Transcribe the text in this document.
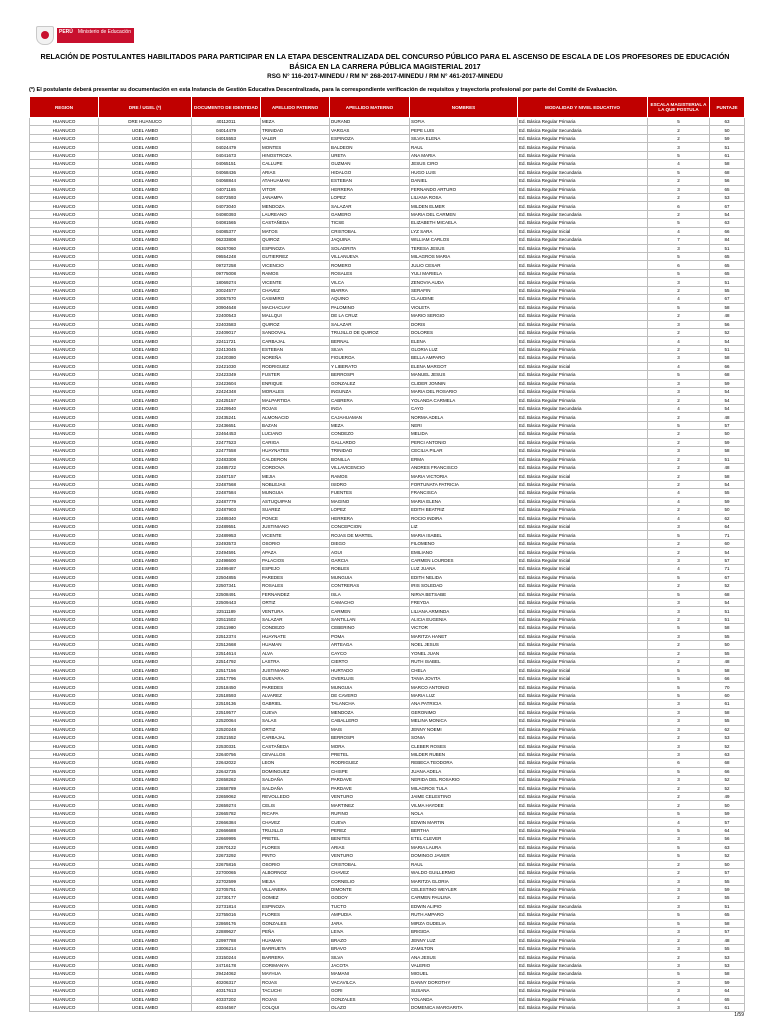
PERÚ	Ministerio de Educación
RELACIÓN DE POSTULANTES HABILITADOS PARA PARTICIPAR EN LA ETAPA DESCENTRALIZADA DEL CONCURSO PÚBLICO PARA EL ASCENSO DE ESCALA DE LOS PROFESORES DE EDUCACIÓN BÁSICA EN LA CARRERA PÚBLICA MAGISTERIAL 2017
RSG N° 116-2017-MINEDU / RM N° 268-2017-MINEDU / RM N° 461-2017-MINEDU
(*) El postulante deberá presentar su documentación en esta Instancia de Gestión Educativa Descentralizada, para la correspondiente verificación de requisitos y trayectoria profesional por parte del Comité de Evaluación.
REGION	DRE / UGEL (*)	DOCUMENTO DE IDENTIDAD	APELLIDO PATERNO	APELLIDO MATERNO	NOMBRES	MODALIDAD Y NIVEL EDUCATIVO	ESCALA MAGISTERIAL A LA QUE POSTULA	PUNTAJE
HUANUCO	DRE HUANUCO	40112011	MEZA	DURAND	SOFIA	Ed. Básica Regular Primaria	5	63
HUANUCO	UGEL AMBO	04014479	TRINIDAD	VARGAS	PEPE LUIS	Ed. Básica Regular Secundaria	2	50
HUANUCO	UGEL AMBO	04015553	VALER	ESPINOZA	SILVIA ELENA	Ed. Básica Regular Primaria	2	59
HUANUCO	UGEL AMBO	04024479	MONTES	BALDEON	RAUL	Ed. Básica Regular Primaria	3	51
HUANUCO	UGEL AMBO	04041673	HINOSTROZA	URETA	ANA MARIA	Ed. Básica Regular Primaria	5	61
HUANUCO	UGEL AMBO	04065151	CALLUPE	GUZMAN	JESUS CIRO	Ed. Básica Regular Primaria	4	58
HUANUCO	UGEL AMBO	04068436	ARIAS	HIDALGO	HUGO LUIS	Ed. Básica Regular Secundaria	5	68
HUANUCO	UGEL AMBO	04068844	ATAHUAMAN	ESTEBAN	DANIEL	Ed. Básica Regular Primaria	2	56
HUANUCO	UGEL AMBO	04071165	VITOR	HERRERA	FERNANDO ARTURO	Ed. Básica Regular Primaria	3	65
HUANUCO	UGEL AMBO	04072593	JANAMPA	LOPEZ	LILIANA ROSA	Ed. Básica Regular Primaria	2	53
HUANUCO	UGEL AMBO	04073040	MENDOZA	SALAZAR	MILDEN ELMER	Ed. Básica Regular Primaria	6	67
HUANUCO	UGEL AMBO	04080393	LAUREANO	GAMERO	MARIA DEL CARMEN	Ed. Básica Regular Secundaria	2	54
HUANUCO	UGEL AMBO	04081565	CASTAÑEDA	TICSE	ELIZABETH MICAELA	Ed. Básica Regular Primaria	5	63
HUANUCO	UGEL AMBO	04085377	MATOS	CRISTOBAL	LYZ SARA	Ed. Básica Regular Inicial	4	66
HUANUCO	UGEL AMBO	06233808	QUIROZ	JAQUINA	WILLIAM CARLOS	Ed. Básica Regular Secundaria	7	84
HUANUCO	UGEL AMBO	06267060	ESPINOZA	SOLADRITA	TERESA JESUS	Ed. Básica Regular Primaria	3	51
HUANUCO	UGEL AMBO	09554248	GUTIERREZ	VILLANUEVA	MILAGROS MARIA	Ed. Básica Regular Primaria	5	65
HUANUCO	UGEL AMBO	09727258	VICENCIO	ROMERO	JULIO CESAR	Ed. Básica Regular Primaria	6	65
HUANUCO	UGEL AMBO	09775008	RAMOS	ROSALES	YULI MARIELA	Ed. Básica Regular Primaria	5	65
HUANUCO	UGEL AMBO	18069274	VICENTE	VILCA	ZENOVIA AUDA	Ed. Básica Regular Primaria	3	51
HUANUCO	UGEL AMBO	20024577	CHAVEZ	IBARRA	SERAFIN	Ed. Básica Regular Primaria	2	55
HUANUCO	UGEL AMBO	20057570	CASIMIRO	AQUINO	CLAUDINE	Ed. Básica Regular Primaria	4	67
HUANUCO	UGEL AMBO	20904648	MACHACUAY	PALOMINO	VIOLETA	Ed. Básica Regular Primaria	5	58
HUANUCO	UGEL AMBO	22400543	MALLQUI	DE LA CRUZ	MARIO SERGIO	Ed. Básica Regular Primaria	2	48
HUANUCO	UGEL AMBO	22403583	QUIROZ	SALAZAR	DORIS	Ed. Básica Regular Primaria	3	56
HUANUCO	UGEL AMBO	22409017	SANDOVAL	TRUJILLO DE QUIROZ	DOLORES	Ed. Básica Regular Primaria	2	52
HUANUCO	UGEL AMBO	22411721	CARBAJAL	BERNAL	ELENA	Ed. Básica Regular Primaria	4	54
HUANUCO	UGEL AMBO	22413045	ESTEBAN	SILVA	GLORIA LUZ	Ed. Básica Regular Primaria	2	51
HUANUCO	UGEL AMBO	22420380	NOREÑA	FIGUEROA	BELLA AMPARO	Ed. Básica Regular Primaria	3	58
HUANUCO	UGEL AMBO	22421030	RODRIGUEZ	Y LIBERATO	ELENA MARGOT	Ed. Básica Regular Inicial	4	66
HUANUCO	UGEL AMBO	22423349	FUSTER	BERROSPI	MANUEL JESUS	Ed. Básica Regular Primaria	5	68
HUANUCO	UGEL AMBO	22423604	ENRIQUE	GONZALEZ	CLIDER JONNIN	Ed. Básica Regular Primaria	3	59
HUANUCO	UGEL AMBO	22424348	MORALES	INGUNZA	MARIA DEL ROSARIO	Ed. Básica Regular Primaria	3	54
HUANUCO	UGEL AMBO	22425157	MALPARTIDA	CABRERA	YOLANDA CARMELA	Ed. Básica Regular Primaria	2	54
HUANUCO	UGEL AMBO	22429540	ROJAS	INGA	CAYO	Ed. Básica Regular Secundaria	4	54
HUANUCO	UGEL AMBO	22435241	ALMONACID	CAJAHUAMAN	NORMA ADELA	Ed. Básica Regular Primaria	2	48
HUANUCO	UGEL AMBO	22436651	BAZAN	MEZA	NERI	Ed. Básica Regular Primaria	5	57
HUANUCO	UGEL AMBO	22464453	LUCIANO	CONDEZO	MELIDA	Ed. Básica Regular Primaria	2	50
HUANUCO	UGEL AMBO	22477523	CARIGA	GALLARDO	PERCI ANTONIO	Ed. Básica Regular Primaria	2	59
HUANUCO	UGEL AMBO	22477558	HUAYNATES	TRINIDAD	CECILIA PILAR	Ed. Básica Regular Primaria	3	58
HUANUCO	UGEL AMBO	22483308	CALDERON	BONILLA	ERMA	Ed. Básica Regular Primaria	2	51
HUANUCO	UGEL AMBO	22485722	CORDOVA	VILLAVICENCIO	ANDRES FRANCISCO	Ed. Básica Regular Primaria	2	48
HUANUCO	UGEL AMBO	22487157	MEJIA	RAMOS	MARIA VICTORIA	Ed. Básica Regular Inicial	2	58
HUANUCO	UGEL AMBO	22487568	NOBLEJAS	ISIDRO	FORTUNATA PATRICIA	Ed. Básica Regular Primaria	2	54
HUANUCO	UGEL AMBO	22487584	MUNGUIA	FUENTES	FRANCISCA	Ed. Básica Regular Primaria	4	55
HUANUCO	UGEL AMBO	22487779	ASTUQUIPAN	MAGINO	MARIA ELENA	Ed. Básica Regular Primaria	4	59
HUANUCO	UGEL AMBO	22487903	SUAREZ	LOPEZ	EDITH BEATRIZ	Ed. Básica Regular Primaria	2	50
HUANUCO	UGEL AMBO	22489340	PONCE	HERRERA	ROCIO INDIRA	Ed. Básica Regular Primaria	4	62
HUANUCO	UGEL AMBO	22489551	JUSTINIANO	CONCEPCION	LIZ	Ed. Básica Regular Inicial	3	64
HUANUCO	UGEL AMBO	22489953	VICENTE	ROJAS DE MARTEL	MARIA ISABEL	Ed. Básica Regular Primaria	5	71
HUANUCO	UGEL AMBO	22493573	OSORIO	DIEGO	FILOMENO	Ed. Básica Regular Primaria	2	60
HUANUCO	UGEL AMBO	22494591	APAZA	AGUI	EMILIANO	Ed. Básica Regular Primaria	2	54
HUANUCO	UGEL AMBO	22498600	PALACIOS	GARCIA	CARMEN LOURDES	Ed. Básica Regular Inicial	3	57
HUANUCO	UGEL AMBO	22499487	ESPEJO	ROBLES	LUZ JUANA	Ed. Básica Regular Inicial	4	71
HUANUCO	UGEL AMBO	22504855	PAREDES	MUNGUIA	EDITH NELIDA	Ed. Básica Regular Primaria	5	67
HUANUCO	UGEL AMBO	22507341	ROSALES	CONTRERAS	IRIS SOLEDAD	Ed. Básica Regular Primaria	2	52
HUANUCO	UGEL AMBO	22508491	FERNANDEZ	ISLA	NIRVA BETSABE	Ed. Básica Regular Primaria	5	68
HUANUCO	UGEL AMBO	22509443	ORTIZ	CAMACHO	FREYDA	Ed. Básica Regular Primaria	3	54
HUANUCO	UGEL AMBO	22511189	VENTURA	CARMEN	LILIANA ARMINDA	Ed. Básica Regular Primaria	3	51
HUANUCO	UGEL AMBO	22511502	SALAZAR	SANTILLAN	ALICIA EUGENIA	Ed. Básica Regular Primaria	2	51
HUANUCO	UGEL AMBO	22511980	CONDEZO	CEBERINO	VICTOR	Ed. Básica Regular Primaria	5	58
HUANUCO	UGEL AMBO	22512374	HUAYNATE	POMA	MARITZA HANET	Ed. Básica Regular Primaria	3	55
HUANUCO	UGEL AMBO	22512668	HUAMAN	ARTEAGA	NOEL JESUS	Ed. Básica Regular Primaria	2	50
HUANUCO	UGEL AMBO	22514614	ALVA	CAYCO	YONEL JUAN	Ed. Básica Regular Primaria	2	55
HUANUCO	UGEL AMBO	22514792	LASTRA	CIERTO	RUTH ISABEL	Ed. Básica Regular Primaria	2	48
HUANUCO	UGEL AMBO	22517156	JUSTINIANO	HURTADO	CHELA	Ed. Básica Regular Inicial	5	58
HUANUCO	UGEL AMBO	22517796	GUEVARA	OVERLUIS	TANIA JOVITA	Ed. Básica Regular Inicial	5	66
HUANUCO	UGEL AMBO	22518450	PAREDES	MUNGUIA	MARCO ANTONIO	Ed. Básica Regular Primaria	5	70
HUANUCO	UGEL AMBO	22518593	ALVAREZ	DE CAVERO	MARIA LUZ	Ed. Básica Regular Primaria	5	60
HUANUCO	UGEL AMBO	22519136	GABRIEL	TALANCHA	ANA PATRICIA	Ed. Básica Regular Primaria	3	61
HUANUCO	UGEL AMBO	22519577	CUEVA	MENDOZA	GERONIMO	Ed. Básica Regular Primaria	3	58
HUANUCO	UGEL AMBO	22520064	SALAS	CABALLERO	MELINA MONICA	Ed. Básica Regular Primaria	3	55
HUANUCO	UGEL AMBO	22520248	ORTIZ	MAIS	JENNY NOEMI	Ed. Básica Regular Primaria	3	62
HUANUCO	UGEL AMBO	22521552	CARBAJAL	BERROSPI	SONIA	Ed. Básica Regular Primaria	2	53
HUANUCO	UGEL AMBO	22530331	CASTAÑEDA	MORA	CLEBER ROSES	Ed. Básica Regular Primaria	3	52
HUANUCO	UGEL AMBO	22640756	CEVALLOS	PRETEL	MILDER RUBEN	Ed. Básica Regular Primaria	3	63
HUANUCO	UGEL AMBO	22642022	LEON	RODRIGUEZ	REBECA TEODORA	Ed. Básica Regular Primaria	6	68
HUANUCO	UGEL AMBO	22642735	DOMINGUEZ	CHISPE	JUANA ADELA	Ed. Básica Regular Primaria	5	66
HUANUCO	UGEL AMBO	22658262	SALDAÑA	PARDAVE	NERIDA DEL ROSARIO	Ed. Básica Regular Primaria	3	52
HUANUCO	UGEL AMBO	22658789	SALDAÑA	PARDAVE	MILAGROS TULA	Ed. Básica Regular Primaria	2	52
HUANUCO	UGEL AMBO	22659062	REVOLLEDO	VENTURO	JAIME CELESTINO	Ed. Básica Regular Primaria	2	49
HUANUCO	UGEL AMBO	22659274	CELIS	MARTINEZ	VILMA HAYDEE	Ed. Básica Regular Primaria	2	50
HUANUCO	UGEL AMBO	22665782	RICAPA	RUFINO	NOLA	Ed. Básica Regular Primaria	5	59
HUANUCO	UGEL AMBO	22666384	CHAVEZ	CUEVA	EDWIN MARTIN	Ed. Básica Regular Primaria	4	57
HUANUCO	UGEL AMBO	22666688	TRUJILLO	PEREZ	BERTHA	Ed. Básica Regular Primaria	5	64
HUANUCO	UGEL AMBO	22669995	PRETEL	BENITES	ETEL CLEVER	Ed. Básica Regular Primaria	3	56
HUANUCO	UGEL AMBO	22670122	FLORES	ARIAS	MARIA LAURA	Ed. Básica Regular Primaria	5	63
HUANUCO	UGEL AMBO	22673292	PINTO	VENTURO	DOMINGO JAVIER	Ed. Básica Regular Primaria	5	52
HUANUCO	UGEL AMBO	22675816	OSORIO	CRISTOBAL	RAUL	Ed. Básica Regular Primaria	2	50
HUANUCO	UGEL AMBO	22700065	ALBORNOZ	CHAVEZ	WALDO GUILLERMO	Ed. Básica Regular Primaria	2	57
HUANUCO	UGEL AMBO	22702599	MEJIA	CORNELIO	MARITZA GLORIA	Ed. Básica Regular Primaria	3	55
HUANUCO	UGEL AMBO	22705751	VILLANERA	DIMONTE	CELESTINO WEYLER	Ed. Básica Regular Primaria	3	59
HUANUCO	UGEL AMBO	22730177	GOMEZ	GODOY	CARMEN PAULINA	Ed. Básica Regular Primaria	2	55
HUANUCO	UGEL AMBO	22731814	ESPINOZA	TUCTO	EDWIN ALIPIO	Ed. Básica Regular Secundaria	3	51
HUANUCO	UGEL AMBO	22755016	FLORES	AMPUDIA	RUTH AMPARO	Ed. Básica Regular Primaria	5	65
HUANUCO	UGEL AMBO	22869176	GONZALES	JARA	MIRZA GUDELIA	Ed. Básica Regular Primaria	5	58
HUANUCO	UGEL AMBO	22889627	PEÑA	LEIVA	BRIGIDA	Ed. Básica Regular Primaria	3	57
HUANUCO	UGEL AMBO	22997788	HUAMAN	BRAZO	JENNY LUZ	Ed. Básica Regular Primaria	2	48
HUANUCO	UGEL AMBO	23006214	BARRUETA	BRAVO	ZAMILTON	Ed. Básica Regular Primaria	3	55
HUANUCO	UGEL AMBO	23150244	BARRERA	SILVA	ANA JESUS	Ed. Básica Regular Primaria	2	53
HUANUCO	UGEL AMBO	24716178	CORIMANYA	JACOTA	VALERIO	Ed. Básica Regular Secundaria	3	53
HUANUCO	UGEL AMBO	29424062	MAYHUA	MAMANI	MIGUEL	Ed. Básica Regular Secundaria	5	58
HUANUCO	UGEL AMBO	40206317	ROJAS	VACAVILCA	DANNY DOROTHY	Ed. Básica Regular Primaria	3	59
HUANUCO	UGEL AMBO	40317613	TACUCHI	GORI	SUSANA	Ed. Básica Regular Primaria	3	64
HUANUCO	UGEL AMBO	40337202	ROJAS	GONZALES	YOLANDA	Ed. Básica Regular Primaria	4	65
HUANUCO	UGEL AMBO	40344567	COLQUI	OLAZO	DOMENICA MARGARITA	Ed. Básica Regular Primaria	3	61
1/59
